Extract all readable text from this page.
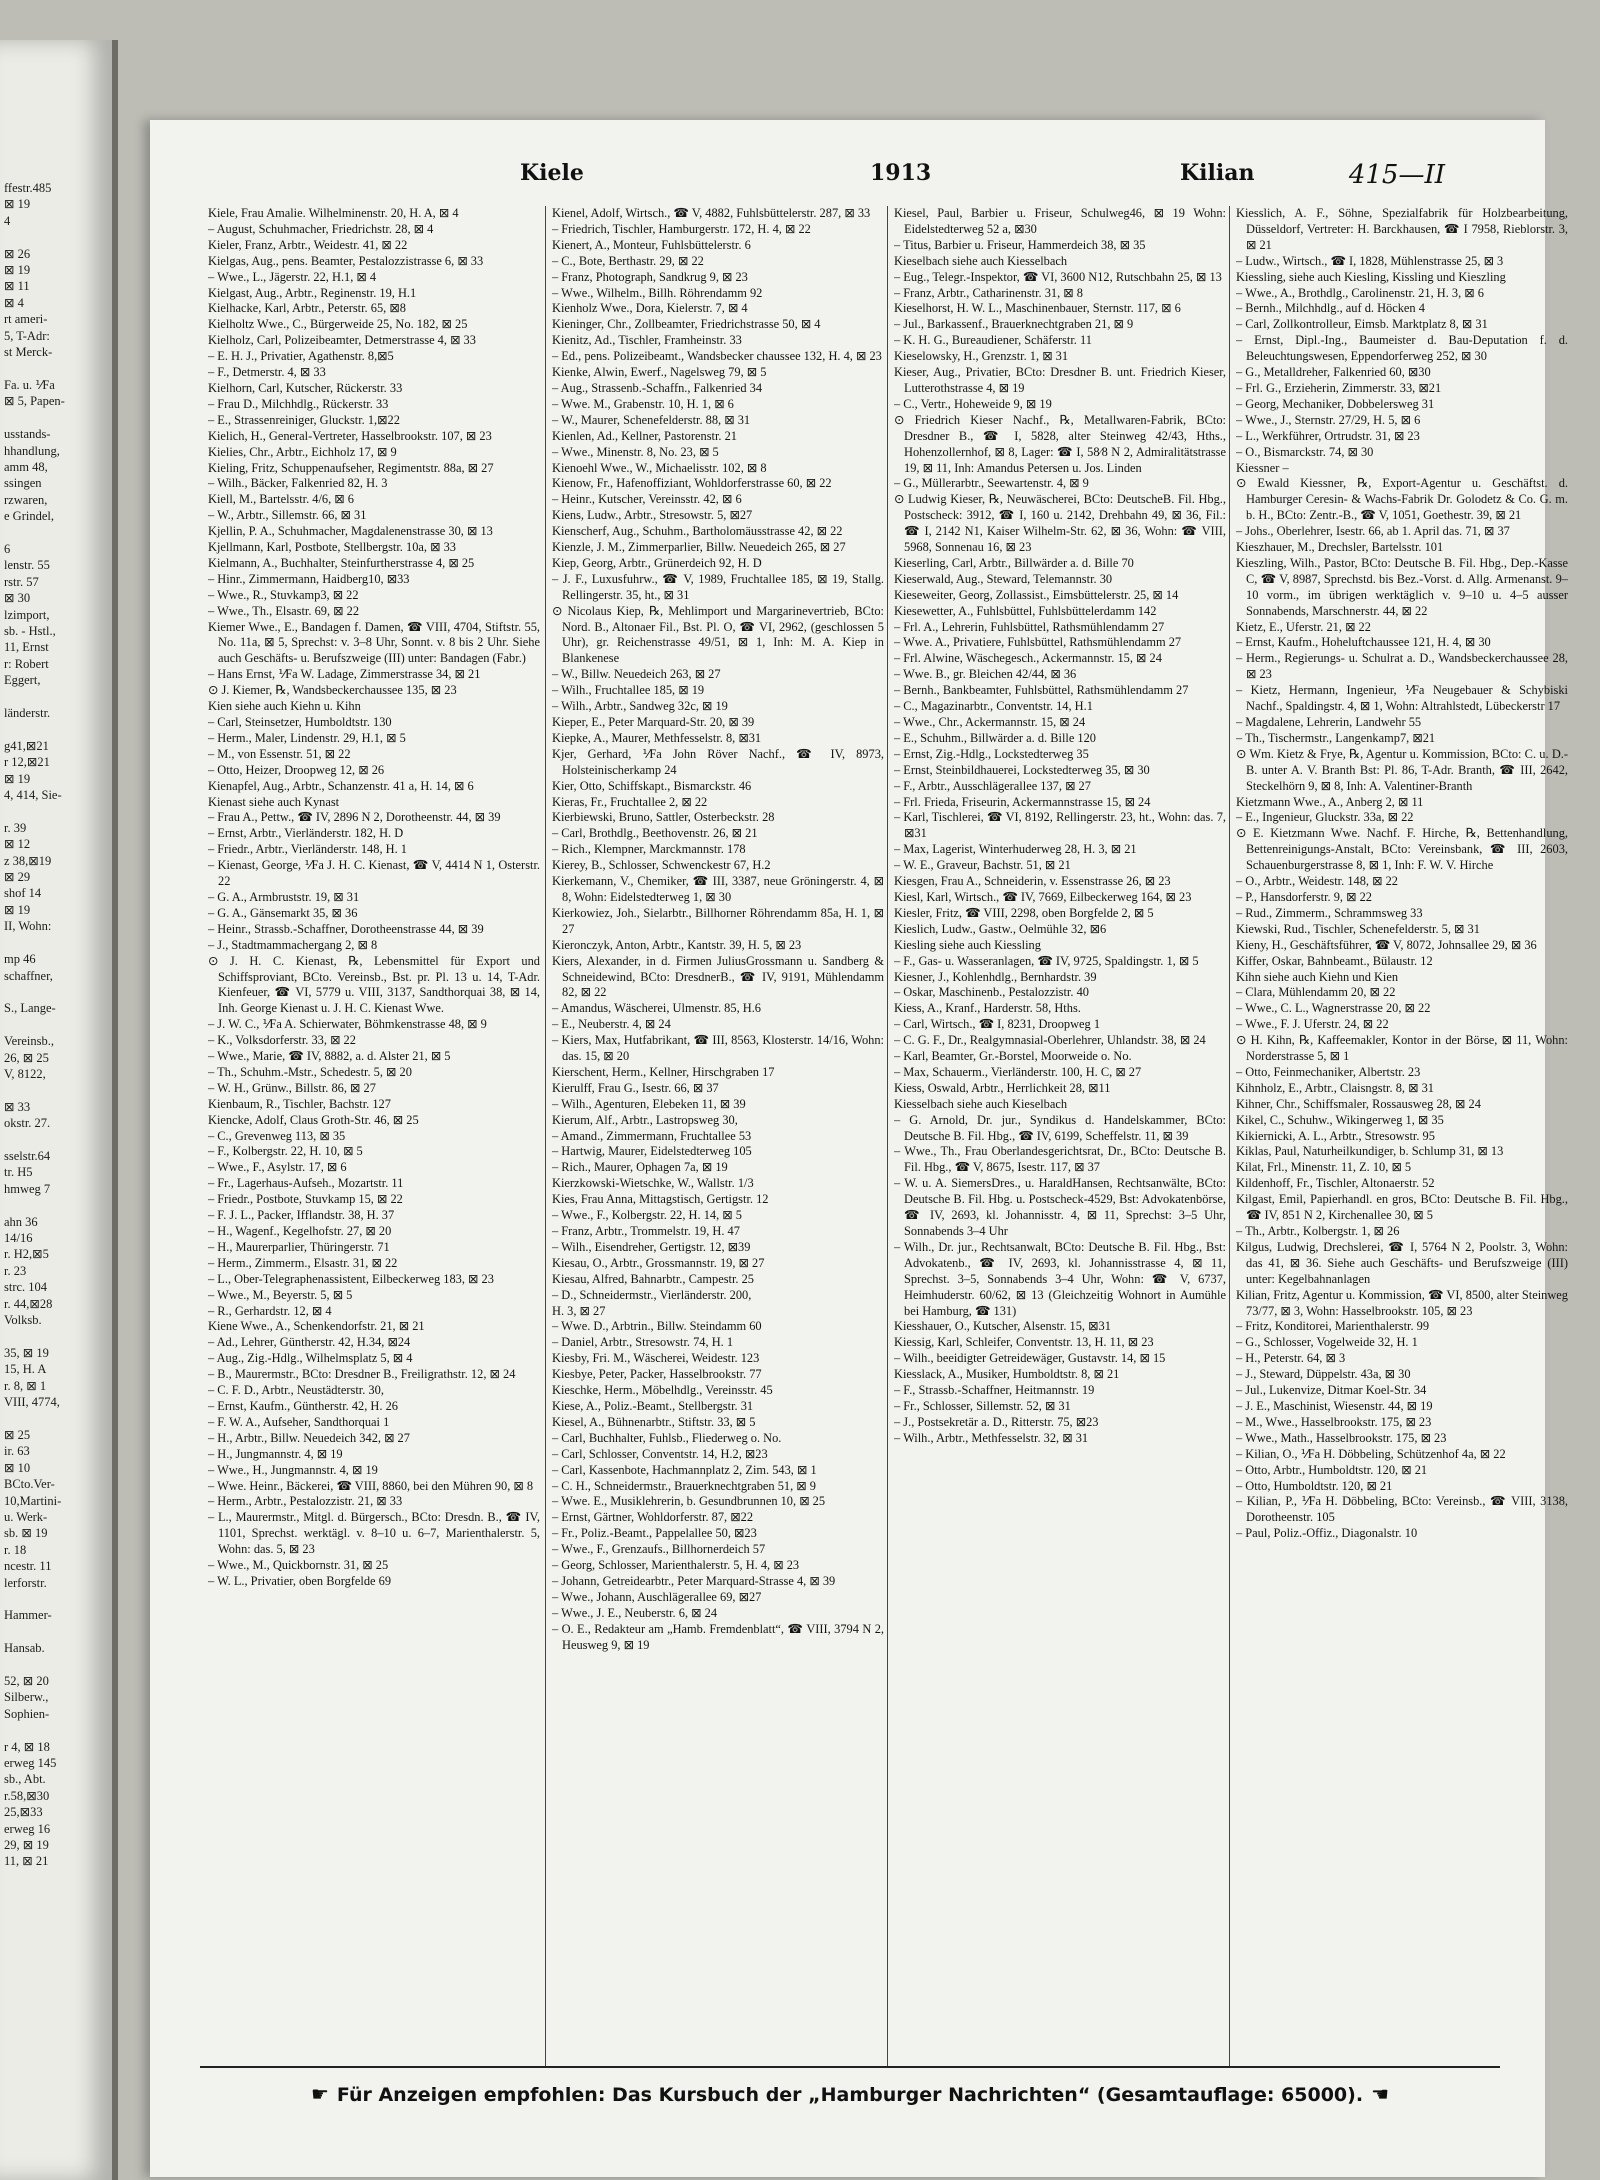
ffestr.485
⊠ 19
4

⊠ 26
⊠ 19
⊠ 11
⊠ 4
rt ameri-
5, T-Adr:
st Merck-

Fa. u. ⅟Fa
⊠ 5, Papen-

usstands-
hhandlung,
amm 48,
ssingen
rzwaren,
e Grindel,

6
lenstr. 55
rstr. 57
⊠ 30
lzimport,
sb. - Hstl.,
11, Ernst
r: Robert
Eggert,

länderstr.

g41,⊠21
r 12,⊠21
⊠ 19
4, 414, Sie-

r. 39
⊠ 12
z 38,⊠19
⊠ 29
shof 14
⊠ 19
II, Wohn:

mp 46
schaffner,

S., Lange-

Vereinsb.,
26, ⊠ 25
V, 8122,

⊠ 33
okstr. 27.

sselstr.64
tr. H5
hmweg 7

ahn 36
14/16
r. H2,⊠5
r. 23
strc. 104
r. 44,⊠28
Volksb.

35, ⊠ 19
15, H. A
r. 8, ⊠ 1
VIII, 4774,

⊠ 25
ir. 63
⊠ 10
BCto.Ver-
10,Martini-
u. Werk-
sb. ⊠ 19
r. 18
ncestr. 11
lerforstr.

Hammer-

Hansab.

52, ⊠ 20
Silberw.,
Sophien-

r 4, ⊠ 18
erweg 145
sb., Abt.
r.58,⊠30
25,⊠33
erweg 16
29, ⊠ 19
11, ⊠ 21
Kiele	1913	Kilian	415—II

Kiele, Frau Amalie. Wilhelminenstr. 20, H. A, ⊠ 4

– August, Schuhmacher, Friedrichstr. 28, ⊠ 4

Kieler, Franz, Arbtr., Weidestr. 41, ⊠ 22

Kielgas, Aug., pens. Beamter, Pestalozzistrasse 6, ⊠ 33

– Wwe., L., Jägerstr. 22, H.1, ⊠ 4

Kielgast, Aug., Arbtr., Reginenstr. 19, H.1

Kielhacke, Karl, Arbtr., Peterstr. 65, ⊠8

Kielholtz Wwe., C., Bürgerweide 25, No. 182, ⊠ 25

Kielholz, Carl, Polizeibeamter, Detmerstrasse 4, ⊠ 33

– E. H. J., Privatier, Agathenstr. 8,⊠5

– F., Detmerstr. 4, ⊠ 33

Kielhorn, Carl, Kutscher, Rückerstr. 33

– Frau D., Milchhdlg., Rückerstr. 33

– E., Strassenreiniger, Gluckstr. 1,⊠22

Kielich, H., General-Vertreter, Hasselbrookstr. 107, ⊠ 23

Kielies, Chr., Arbtr., Eichholz 17, ⊠ 9

Kieling, Fritz, Schuppenaufseher, Regimentstr. 88a, ⊠ 27

– Wilh., Bäcker, Falkenried 82, H. 3

Kiell, M., Bartelsstr. 4/6, ⊠ 6

– W., Arbtr., Sillemstr. 66, ⊠ 31

Kjellin, P. A., Schuhmacher, Magdalenenstrasse 30, ⊠ 13

Kjellmann, Karl, Postbote, Stellbergstr. 10a, ⊠ 33

Kielmann, A., Buchhalter, Steinfurtherstrasse 4, ⊠ 25

– Hinr., Zimmermann, Haidberg10, ⊠33

– Wwe., R., Stuvkamp3, ⊠ 22

– Wwe., Th., Elsastr. 69, ⊠ 22

Kiemer Wwe., E., Bandagen f. Damen, ☎ VIII, 4704, Stiftstr. 55, No. 11a, ⊠ 5, Sprechst: v. 3–8 Uhr, Sonnt. v. 8 bis 2 Uhr. Siehe auch Geschäfts- u. Berufszweige (III) unter: Bandagen (Fabr.)

– Hans Ernst, ⅟Fa W. Ladage, Zimmerstrasse 34, ⊠ 21

⊙ J. Kiemer, ℞, Wandsbeckerchaussee 135, ⊠ 23

Kien siehe auch Kiehn u. Kihn

– Carl, Steinsetzer, Humboldtstr. 130

– Herm., Maler, Lindenstr. 29, H.1, ⊠ 5

– M., von Essenstr. 51, ⊠ 22

– Otto, Heizer, Droopweg 12, ⊠ 26

Kienapfel, Aug., Arbtr., Schanzenstr. 41 a, H. 14, ⊠ 6

Kienast siehe auch Kynast

– Frau A., Pettw., ☎ IV, 2896 N 2, Dorotheenstr. 44, ⊠ 39

– Ernst, Arbtr., Vierländerstr. 182, H. D

– Friedr., Arbtr., Vierländerstr. 148, H. 1

– Kienast, George, ⅟Fa J. H. C. Kienast, ☎ V, 4414 N 1, Osterstr. 22

– G. A., Armbruststr. 19, ⊠ 31

– G. A., Gänsemarkt 35, ⊠ 36

– Heinr., Strassb.-Schaffner, Dorotheenstrasse 44, ⊠ 39

– J., Stadtmammachergang 2, ⊠ 8

⊙ J. H. C. Kienast, ℞, Lebensmittel für Export und Schiffsproviant, BCto. Vereinsb., Bst. pr. Pl. 13 u. 14, T-Adr. Kienfeuer, ☎ VI, 5779 u. VIII, 3137, Sandthorquai 38, ⊠ 14, Inh. George Kienast u. J. H. C. Kienast Wwe.

– J. W. C., ⅟Fa A. Schierwater, Böhmkenstrasse 48, ⊠ 9

– K., Volksdorferstr. 33, ⊠ 22

– Wwe., Marie, ☎ IV, 8882, a. d. Alster 21, ⊠ 5

– Th., Schuhm.-Mstr., Schedestr. 5, ⊠ 20

– W. H., Grünw., Billstr. 86, ⊠ 27

Kienbaum, R., Tischler, Bachstr. 127

Kiencke, Adolf, Claus Groth-Str. 46, ⊠ 25

– C., Grevenweg 113, ⊠ 35

– F., Kolbergstr. 22, H. 10, ⊠ 5

– Wwe., F., Asylstr. 17, ⊠ 6

– Fr., Lagerhaus-Aufseh., Mozartstr. 11

– Friedr., Postbote, Stuvkamp 15, ⊠ 22

– F. J. L., Packer, Ifflandstr. 38, H. 37

– H., Wagenf., Kegelhofstr. 27, ⊠ 20

– H., Maurerparlier, Thüringerstr. 71

– Herm., Zimmerm., Elsastr. 31, ⊠ 22

– L., Ober-Telegraphenassistent, Eilbeckerweg 183, ⊠ 23

– Wwe., M., Beyerstr. 5, ⊠ 5

– R., Gerhardstr. 12, ⊠ 4

Kiene Wwe., A., Schenkendorfstr. 21, ⊠ 21

– Ad., Lehrer, Güntherstr. 42, H.34, ⊠24

– Aug., Zig.-Hdlg., Wilhelmsplatz 5, ⊠ 4

– B., Maurermstr., BCto: Dresdner B., Freiligrathstr. 12, ⊠ 24

– C. F. D., Arbtr., Neustädterstr. 30,

– Ernst, Kaufm., Güntherstr. 42, H. 26

– F. W. A., Aufseher, Sandthorquai 1

– H., Arbtr., Billw. Neuedeich 342, ⊠ 27

– H., Jungmannstr. 4, ⊠ 19

– Wwe., H., Jungmannstr. 4, ⊠ 19

– Wwe. Heinr., Bäckerei, ☎ VIII, 8860, bei den Mühren 90, ⊠ 8

– Herm., Arbtr., Pestalozzistr. 21, ⊠ 33

– L., Maurermstr., Mitgl. d. Bürgersch., BCto: Dresdn. B., ☎ IV, 1101, Sprechst. werktägl. v. 8–10 u. 6–7, Marienthalerstr. 5, Wohn: das. 5, ⊠ 23

– Wwe., M., Quickbornstr. 31, ⊠ 25

– W. L., Privatier, oben Borgfelde 69

Kienel, Adolf, Wirtsch., ☎ V, 4882, Fuhlsbüttelerstr. 287, ⊠ 33

– Friedrich, Tischler, Hamburgerstr. 172, H. 4, ⊠ 22

Kienert, A., Monteur, Fuhlsbüttelerstr. 6

– C., Bote, Berthastr. 29, ⊠ 22

– Franz, Photograph, Sandkrug 9, ⊠ 23

– Wwe., Wilhelm., Billh. Röhrendamm 92

Kienholz Wwe., Dora, Kielerstr. 7, ⊠ 4

Kieninger, Chr., Zollbeamter, Friedrichstrasse 50, ⊠ 4

Kienitz, Ad., Tischler, Framheinstr. 33

– Ed., pens. Polizeibeamt., Wandsbecker chaussee 132, H. 4, ⊠ 23

Kienke, Alwin, Ewerf., Nagelsweg 79, ⊠ 5

– Aug., Strassenb.-Schaffn., Falkenried 34

– Wwe. M., Grabenstr. 10, H. 1, ⊠ 6

– W., Maurer, Schenefelderstr. 88, ⊠ 31

Kienlen, Ad., Kellner, Pastorenstr. 21

– Wwe., Minenstr. 8, No. 23, ⊠ 5

Kienoehl Wwe., W., Michaelisstr. 102, ⊠ 8

Kienow, Fr., Hafenoffiziant, Wohldorferstrasse 60, ⊠ 22

– Heinr., Kutscher, Vereinsstr. 42, ⊠ 6

Kiens, Ludw., Arbtr., Stresowstr. 5, ⊠27

Kienscherf, Aug., Schuhm., Bartholomäusstrasse 42, ⊠ 22

Kienzle, J. M., Zimmerparlier, Billw. Neuedeich 265, ⊠ 27

Kiep, Georg, Arbtr., Grünerdeich 92, H. D

– J. F., Luxusfuhrw., ☎ V, 1989, Fruchtallee 185, ⊠ 19, Stallg. Rellingerstr. 35, ht., ⊠ 31

⊙ Nicolaus Kiep, ℞, Mehlimport und Margarinevertrieb, BCto: Nord. B., Altonaer Fil., Bst. Pl. O, ☎ VI, 2962, (geschlossen 5 Uhr), gr. Reichenstrasse 49/51, ⊠ 1, Inh: M. A. Kiep in Blankenese

– W., Billw. Neuedeich 263, ⊠ 27

– Wilh., Fruchtallee 185, ⊠ 19

– Wilh., Arbtr., Sandweg 32c, ⊠ 19

Kieper, E., Peter Marquard-Str. 20, ⊠ 39

Kiepke, A., Maurer, Methfesselstr. 8, ⊠31

Kjer, Gerhard, ⅟Fa John Röver Nachf., ☎ IV, 8973, Holsteinischerkamp 24

Kier, Otto, Schiffskapt., Bismarckstr. 46

Kieras, Fr., Fruchtallee 2, ⊠ 22

Kierbiewski, Bruno, Sattler, Osterbeckstr. 28

– Carl, Brothdlg., Beethovenstr. 26, ⊠ 21

– Rich., Klempner, Marckmannstr. 178

Kierey, B., Schlosser, Schwenckestr 67, H.2

Kierkemann, V., Chemiker, ☎ III, 3387, neue Gröningerstr. 4, ⊠ 8, Wohn: Eidelstedterweg 1, ⊠ 30

Kierkowiez, Joh., Sielarbtr., Billhorner Röhrendamm 85a, H. 1, ⊠ 27

Kieronczyk, Anton, Arbtr., Kantstr. 39, H. 5, ⊠ 23

Kiers, Alexander, in d. Firmen JuliusGrossmann u. Sandberg & Schneidewind, BCto: DresdnerB., ☎ IV, 9191, Mühlendamm 82, ⊠ 22

– Amandus, Wäscherei, Ulmenstr. 85, H.6

– E., Neuberstr. 4, ⊠ 24

– Kiers, Max, Hutfabrikant, ☎ III, 8563, Klosterstr. 14/16, Wohn: das. 15, ⊠ 20

Kierschent, Herm., Kellner, Hirschgraben 17

Kierulff, Frau G., Isestr. 66, ⊠ 37

– Wilh., Agenturen, Elebeken 11, ⊠ 39

Kierum, Alf., Arbtr., Lastropsweg 30,

– Amand., Zimmermann, Fruchtallee 53

– Hartwig, Maurer, Eidelstedterweg 105

– Rich., Maurer, Ophagen 7a, ⊠ 19

Kierzkowski-Wietschke, W., Wallstr. 1/3

Kies, Frau Anna, Mittagstisch, Gertigstr. 12

– Wwe., F., Kolbergstr. 22, H. 14, ⊠ 5

– Franz, Arbtr., Trommelstr. 19, H. 47

– Wilh., Eisendreher, Gertigstr. 12, ⊠39

Kiesau, O., Arbtr., Grossmannstr. 19, ⊠ 27

Kiesau, Alfred, Bahnarbtr., Campestr. 25

– D., Schneidermstr., Vierländerstr. 200,

H. 3, ⊠ 27

– Wwe. D., Arbtrin., Billw. Steindamm 60

– Daniel, Arbtr., Stresowstr. 74, H. 1

Kiesby, Fri. M., Wäscherei, Weidestr. 123

Kiesbye, Peter, Packer, Hasselbrookstr. 77

Kieschke, Herm., Möbelhdlg., Vereinsstr. 45

Kiese, A., Poliz.-Beamt., Stellbergstr. 31

Kiesel, A., Bühnenarbtr., Stiftstr. 33, ⊠ 5

– Carl, Buchhalter, Fuhlsb., Fliederweg o. No.

– Carl, Schlosser, Conventstr. 14, H.2, ⊠23

– Carl, Kassenbote, Hachmannplatz 2, Zim. 543, ⊠ 1

– C. H., Schneidermstr., Brauerknechtgraben 51, ⊠ 9

– Wwe. E., Musiklehrerin, b. Gesundbrunnen 10, ⊠ 25

– Ernst, Gärtner, Wohldorferstr. 87, ⊠22

– Fr., Poliz.-Beamt., Pappelallee 50, ⊠23

– Wwe., F., Grenzaufs., Billhornerdeich 57

– Georg, Schlosser, Marienthalerstr. 5, H. 4, ⊠ 23

– Johann, Getreidearbtr., Peter Marquard-Strasse 4, ⊠ 39

– Wwe., Johann, Auschlägerallee 69, ⊠27

– Wwe., J. E., Neuberstr. 6, ⊠ 24

– O. E., Redakteur am „Hamb. Fremdenblatt“, ☎ VIII, 3794 N 2, Heusweg 9, ⊠ 19

Kiesel, Paul, Barbier u. Friseur, Schulweg46, ⊠ 19 Wohn: Eidelstedterweg 52 a, ⊠30

– Titus, Barbier u. Friseur, Hammerdeich 38, ⊠ 35

Kieselbach siehe auch Kiesselbach

– Eug., Telegr.-Inspektor, ☎ VI, 3600 N12, Rutschbahn 25, ⊠ 13

– Franz, Arbtr., Catharinenstr. 31, ⊠ 8

Kieselhorst, H. W. L., Maschinenbauer, Sternstr. 117, ⊠ 6

– Jul., Barkassenf., Brauerknechtgraben 21, ⊠ 9

– K. H. G., Bureaudiener, Schäferstr. 11

Kieselowsky, H., Grenzstr. 1, ⊠ 31

Kieser, Aug., Privatier, BCto: Dresdner B. unt. Friedrich Kieser, Lutterothstrasse 4, ⊠ 19

– C., Vertr., Hoheweide 9, ⊠ 19

⊙ Friedrich Kieser Nachf., ℞, Metallwaren-Fabrik, BCto: Dresdner B., ☎ I, 5828, alter Steinweg 42/43, Hths., Hohenzollernhof, ⊠ 8, Lager: ☎ I, 58⁄8 N 2, Admiralitätstrasse 19, ⊠ 11, Inh: Amandus Petersen u. Jos. Linden

– G., Müllerarbtr., Seewartenstr. 4, ⊠ 9

⊙ Ludwig Kieser, ℞, Neuwäscherei, BCto: DeutscheB. Fil. Hbg., Postscheck: 3912, ☎ I, 160 u. 2142, Drehbahn 49, ⊠ 36, Fil.: ☎ I, 2142 N1, Kaiser Wilhelm-Str. 62, ⊠ 36, Wohn: ☎ VIII, 5968, Sonnenau 16, ⊠ 23

Kieserling, Carl, Arbtr., Billwärder a. d. Bille 70

Kieserwald, Aug., Steward, Telemannstr. 30

Kieseweiter, Georg, Zollassist., Eimsbüttelerstr. 25, ⊠ 14

Kiesewetter, A., Fuhlsbüttel, Fuhlsbüttelerdamm 142

– Frl. A., Lehrerin, Fuhlsbüttel, Rathsmühlendamm 27

– Wwe. A., Privatiere, Fuhlsbüttel, Rathsmühlendamm 27

– Frl. Alwine, Wäschegesch., Ackermannstr. 15, ⊠ 24

– Wwe. B., gr. Bleichen 42/44, ⊠ 36

– Bernh., Bankbeamter, Fuhlsbüttel, Rathsmühlendamm 27

– C., Magazinarbtr., Conventstr. 14, H.1

– Wwe., Chr., Ackermannstr. 15, ⊠ 24

– E., Schuhm., Billwärder a. d. Bille 120

– Ernst, Zig.-Hdlg., Lockstedterweg 35

– Ernst, Steinbildhauerei, Lockstedterweg 35, ⊠ 30

– F., Arbtr., Ausschlägerallee 137, ⊠ 27

– Frl. Frieda, Friseurin, Ackermannstrasse 15, ⊠ 24

– Karl, Tischlerei, ☎ VI, 8192, Rellingerstr. 23, ht., Wohn: das. 7, ⊠31

– Max, Lagerist, Winterhuderweg 28, H. 3, ⊠ 21

– W. E., Graveur, Bachstr. 51, ⊠ 21

Kiesgen, Frau A., Schneiderin, v. Essenstrasse 26, ⊠ 23

Kiesl, Karl, Wirtsch., ☎ IV, 7669, Eilbeckerweg 164, ⊠ 23

Kiesler, Fritz, ☎ VIII, 2298, oben Borgfelde 2, ⊠ 5

Kieslich, Ludw., Gastw., Oelmühle 32, ⊠6

Kiesling siehe auch Kiessling

– F., Gas- u. Wasseranlagen, ☎ IV, 9725, Spaldingstr. 1, ⊠ 5

Kiesner, J., Kohlenhdlg., Bernhardstr. 39

– Oskar, Maschinenb., Pestalozzistr. 40

Kiess, A., Kranf., Harderstr. 58, Hths.

– Carl, Wirtsch., ☎ I, 8231, Droopweg 1

– C. G. F., Dr., Realgymnasial-Oberlehrer, Uhlandstr. 38, ⊠ 24

– Karl, Beamter, Gr.-Borstel, Moorweide o. No.

– Max, Schauerm., Vierländerstr. 100, H. C, ⊠ 27

Kiess, Oswald, Arbtr., Herrlichkeit 28, ⊠11

Kiesselbach siehe auch Kieselbach

– G. Arnold, Dr. jur., Syndikus d. Handelskammer, BCto: Deutsche B. Fil. Hbg., ☎ IV, 6199, Scheffelstr. 11, ⊠ 39

– Wwe., Th., Frau Oberlandesgerichtsrat, Dr., BCto: Deutsche B. Fil. Hbg., ☎ V, 8675, Isestr. 117, ⊠ 37

– W. u. A. SiemersDres., u. HaraldHansen, Rechtsanwälte, BCto: Deutsche B. Fil. Hbg. u. Postscheck-4529, Bst: Advokatenbörse, ☎ IV, 2693, kl. Johannisstr. 4, ⊠ 11, Sprechst: 3–5 Uhr, Sonnabends 3–4 Uhr

– Wilh., Dr. jur., Rechtsanwalt, BCto: Deutsche B. Fil. Hbg., Bst: Advokatenb., ☎ IV, 2693, kl. Johannisstrasse 4, ⊠ 11, Sprechst. 3–5, Sonnabends 3–4 Uhr, Wohn: ☎ V, 6737, Heimhuderstr. 60/62, ⊠ 13 (Gleichzeitig Wohnort in Aumühle bei Hamburg, ☎ 131)

Kiesshauer, O., Kutscher, Alsenstr. 15, ⊠31

Kiessig, Karl, Schleifer, Conventstr. 13, H. 11, ⊠ 23

– Wilh., beeidigter Getreidewäger, Gustavstr. 14, ⊠ 15

Kiesslack, A., Musiker, Humboldtstr. 8, ⊠ 21

– F., Strassb.-Schaffner, Heitmannstr. 19

– Fr., Schlosser, Sillemstr. 52, ⊠ 31

– J., Postsekretär a. D., Ritterstr. 75, ⊠23

– Wilh., Arbtr., Methfesselstr. 32, ⊠ 31

Kiesslich, A. F., Söhne, Spezialfabrik für Holzbearbeitung, Düsseldorf, Vertreter: H. Barckhausen, ☎ I 7958, Rieblorstr. 3, ⊠ 21

– Ludw., Wirtsch., ☎ I, 1828, Mühlenstrasse 25, ⊠ 3

Kiessling, siehe auch Kiesling, Kissling und Kieszling

– Wwe., A., Brothdlg., Carolinenstr. 21, H. 3, ⊠ 6

– Bernh., Milchhdlg., auf d. Höcken 4

– Carl, Zollkontrolleur, Eimsb. Marktplatz 8, ⊠ 31

– Ernst, Dipl.-Ing., Baumeister d. Bau-Deputation f. d. Beleuchtungswesen, Eppendorferweg 252, ⊠ 30

– G., Metalldreher, Falkenried 60, ⊠30

– Frl. G., Erzieherin, Zimmerstr. 33, ⊠21

– Georg, Mechaniker, Dobbelersweg 31

– Wwe., J., Sternstr. 27/29, H. 5, ⊠ 6

– L., Werkführer, Ortrudstr. 31, ⊠ 23

– O., Bismarckstr. 74, ⊠ 30

Kiessner –

⊙ Ewald Kiessner, ℞, Export-Agentur u. Geschäftst. d. Hamburger Ceresin- & Wachs-Fabrik Dr. Golodetz & Co. G. m. b. H., BCto: Zentr.-B., ☎ V, 1051, Goethestr. 39, ⊠ 21

– Johs., Oberlehrer, Isestr. 66, ab 1. April das. 71, ⊠ 37

Kieszhauer, M., Drechsler, Bartelsstr. 101

Kieszling, Wilh., Pastor, BCto: Deutsche B. Fil. Hbg., Dep.-Kasse C, ☎ V, 8987, Sprechstd. bis Bez.-Vorst. d. Allg. Armenanst. 9–10 vorm., im übrigen werktäglich v. 9–10 u. 4–5 ausser Sonnabends, Marschnerstr. 44, ⊠ 22

Kietz, E., Uferstr. 21, ⊠ 22

– Ernst, Kaufm., Hoheluftchaussee 121, H. 4, ⊠ 30

– Herm., Regierungs- u. Schulrat a. D., Wandsbeckerchaussee 28, ⊠ 23

– Kietz, Hermann, Ingenieur, ⅟Fa Neugebauer & Schybiski Nachf., Spaldingstr. 4, ⊠ 1, Wohn: Altrahlstedt, Lübeckerstr 17

– Magdalene, Lehrerin, Landwehr 55

– Th., Tischermstr., Langenkamp7, ⊠21

⊙ Wm. Kietz & Frye, ℞, Agentur u. Kommission, BCto: C. u. D.-B. unter A. V. Branth Bst: Pl. 86, T-Adr. Branth, ☎ III, 2642, Steckelhörn 9, ⊠ 8, Inh: A. Valentiner-Branth

Kietzmann Wwe., A., Anberg 2, ⊠ 11

– E., Ingenieur, Gluckstr. 33a, ⊠ 22

⊙ E. Kietzmann Wwe. Nachf. F. Hirche, ℞, Bettenhandlung, Bettenreinigungs-Anstalt, BCto: Vereinsbank, ☎ III, 2603, Schauenburgerstrasse 8, ⊠ 1, Inh: F. W. V. Hirche

– O., Arbtr., Weidestr. 148, ⊠ 22

– P., Hansdorferstr. 9, ⊠ 22

– Rud., Zimmerm., Schrammsweg 33

Kiewski, Rud., Tischler, Schenefelderstr. 5, ⊠ 31

Kieny, H., Geschäftsführer, ☎ V, 8072, Johnsallee 29, ⊠ 36

Kiffer, Oskar, Bahnbeamt., Bülaustr. 12

Kihn siehe auch Kiehn und Kien

– Clara, Mühlendamm 20, ⊠ 22

– Wwe., C. L., Wagnerstrasse 20, ⊠ 22

– Wwe., F. J. Uferstr. 24, ⊠ 22

⊙ H. Kihn, ℞, Kaffeemakler, Kontor in der Börse, ⊠ 11, Wohn: Norderstrasse 5, ⊠ 1

– Otto, Feinmechaniker, Albertstr. 23

Kihnholz, E., Arbtr., Claisngstr. 8, ⊠ 31

Kihner, Chr., Schiffsmaler, Rossausweg 28, ⊠ 24

Kikel, C., Schuhw., Wikingerweg 1, ⊠ 35

Kikiernicki, A. L., Arbtr., Stresowstr. 95

Kiklas, Paul, Naturheilkundiger, b. Schlump 31, ⊠ 13

Kilat, Frl., Minenstr. 11, Z. 10, ⊠ 5

Kildenhoff, Fr., Tischler, Altonaerstr. 52

Kilgast, Emil, Papierhandl. en gros, BCto: Deutsche B. Fil. Hbg., ☎ IV, 851 N 2, Kirchenallee 30, ⊠ 5

– Th., Arbtr., Kolbergstr. 1, ⊠ 26

Kilgus, Ludwig, Drechslerei, ☎ I, 5764 N 2, Poolstr. 3, Wohn: das 41, ⊠ 36. Siehe auch Geschäfts- und Berufszweige (III) unter: Kegelbahnanlagen

Kilian, Fritz, Agentur u. Kommission, ☎ VI, 8500, alter Steinweg 73/77, ⊠ 3, Wohn: Hasselbrookstr. 105, ⊠ 23

– Fritz, Konditorei, Marienthalerstr. 99

– G., Schlosser, Vogelweide 32, H. 1

– H., Peterstr. 64, ⊠ 3

– J., Steward, Düppelstr. 43a, ⊠ 30

– Jul., Lukenvize, Ditmar Koel-Str. 34

– J. E., Maschinist, Wiesenstr. 44, ⊠ 19

– M., Wwe., Hasselbrookstr. 175, ⊠ 23

– Wwe., Math., Hasselbrookstr. 175, ⊠ 23

– Kilian, O., ⅟Fa H. Döbbeling, Schützenhof 4a, ⊠ 22

– Otto, Arbtr., Humboldtstr. 120, ⊠ 21

– Otto, Humboldtstr. 120, ⊠ 21

– Kilian, P., ⅟Fa H. Döbbeling, BCto: Vereinsb., ☎ VIII, 3138, Dorotheenstr. 105

– Paul, Poliz.-Offiz., Diagonalstr. 10

☛ Für Anzeigen empfohlen: Das Kursbuch der „Hamburger Nachrichten“ (Gesamtauflage: 65000). ☚
